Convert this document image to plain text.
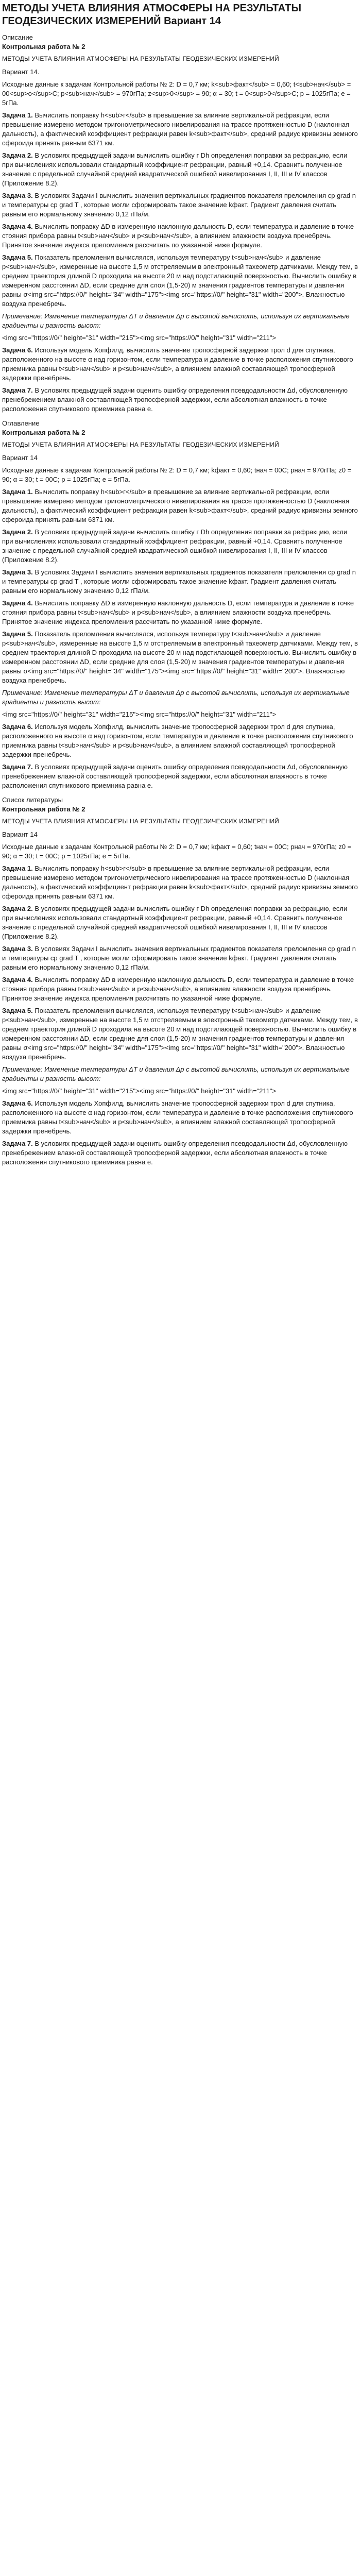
МЕТОДЫ УЧЕТА ВЛИЯНИЯ АТМОСФЕРЫ НА РЕЗУЛЬТАТЫ ГЕОДЕЗИЧЕСКИХ ИЗМЕРЕНИЙ Вариант 14

Описание

Контрольная работа № 2

МЕТОДЫ УЧЕТА ВЛИЯНИЯ АТМОСФЕРЫ НА РЕЗУЛЬТАТЫ ГЕОДЕЗИЧЕСКИХ ИЗМЕРЕНИЙ

Вариант 14.

Исходные данные к задачам Контрольной работы № 2: D = 0,7 км; k<sub>факт</sub> = 0,60; t<sub>нач</sub> = 00<sup>o</sup>С; p<sub>нач</sub> = 970гПа; z<sup>0</sup> = 90; α = 30; t = 0<sup>0</sup>С; p = 1025гПа; e = 5гПа.

Задача 1. Вычислить поправку h<sub>г</sub> в превышение за влияние вертикальной рефракции, если превышение измерено методом тригонометрического нивелирования на трассе протяженностью D (наклонная дальность), а фактический коэффициент рефракции равен k<sub>факт</sub>, средний радиус кривизны земного сфероида принять равным 6371 км.

Задача 2. В условиях предыдущей задачи вычислить ошибку г Dh определения поправки за рефракцию, если при вычислениях использовали стандартный коэффициент рефракции, равный +0,14. Сравнить полученное значение с предельной случайной средней квадратической ошибкой нивелирования I, II, III и IV классов (Приложение 8.2).

Задача 3. В условиях Задачи I вычислить значения вертикальных градиентов показателя преломления cp grad n и температуры cp grad T , которые могли сформировать такое значение kфакт. Градиент давления считать равным его нормальному значению 0,12 гПа/м.

Задача 4. Вычислить поправку ΔD в измеренную наклонную дальность D, если температура и давление в точке стояния прибора равны t<sub>нач</sub> и p<sub>нач</sub>, а влиянием влажности воздуха пренебречь. Принятое значение индекса преломления рассчитать по указанной ниже формуле.

Задача 5. Показатель преломления вычислялся, используя температуру t<sub>нач</sub> и давление p<sub>нач</sub>, измеренные на высоте 1,5 м отстреляемым в электронный тахеометр датчиками. Между тем, в среднем траектория длиной D проходила на высоте 20 м над подстилающей поверхностью. Вычислить ошибку в измеренном расстоянии ΔD, если средние для слоя (1,5-20) м значения градиентов температуры и давления равны σ<img src="https://0/" height="34" width="175"><img src="https://0/" height="31" width="200">. Влажностью воздуха пренебречь.

Примечание: Изменение температуры ΔT и давления Δp с высотой вычислить, используя их вертикальные градиенты и разность высот:

<img src="https://0/" height="31" width="215"><img src="https://0/" height="31" width="211">

Задача 6. Используя модель Хопфилд, вычислить значение тропосферной задержки трол d для спутника, расположенного на высоте α над горизонтом, если температура и давление в точке расположения спутникового приемника равны t<sub>нач</sub> и p<sub>нач</sub>, а влиянием влажной составляющей тропосферной задержки пренебречь.

Задача 7. В условиях предыдущей задачи оценить ошибку определения псевдодальности Δd, обусловленную пренебрежением влажной составляющей тропосферной задержки, если абсолютная влажность в точке расположения спутникового приемника равна e.

Оглавление

Контрольная работа № 2

МЕТОДЫ УЧЕТА ВЛИЯНИЯ АТМОСФЕРЫ НА РЕЗУЛЬТАТЫ ГЕОДЕЗИЧЕСКИХ ИЗМЕРЕНИЙ

Вариант 14

Исходные данные к задачам Контрольной работы № 2: D = 0,7 км; kфакт = 0,60; tнач = 00С; pнач = 970гПа; z0 = 90; α = 30; t = 00С; p = 1025гПа; e = 5гПа.

Задача 1. Вычислить поправку h<sub>г</sub> в превышение за влияние вертикальной рефракции, если превышение измерено методом тригонометрического нивелирования на трассе протяженностью D (наклонная дальность), а фактический коэффициент рефракции равен k<sub>факт</sub>, средний радиус кривизны земного сфероида принять равным 6371 км.

Задача 2. В условиях предыдущей задачи вычислить ошибку г Dh определения поправки за рефракцию, если при вычислениях использовали стандартный коэффициент рефракции, равный +0,14. Сравнить полученное значение с предельной случайной средней квадратической ошибкой нивелирования I, II, III и IV классов (Приложение 8.2).

Задача 3. В условиях Задачи I вычислить значения вертикальных градиентов показателя преломления cp grad n и температуры cp grad T , которые могли сформировать такое значение kфакт. Градиент давления считать равным его нормальному значению 0,12 гПа/м.

Задача 4. Вычислить поправку ΔD в измеренную наклонную дальность D, если температура и давление в точке стояния прибора равны t<sub>нач</sub> и p<sub>нач</sub>, а влиянием влажности воздуха пренебречь. Принятое значение индекса преломления рассчитать по указанной ниже формуле.

Задача 5. Показатель преломления вычислялся, используя температуру t<sub>нач</sub> и давление p<sub>нач</sub>, измеренные на высоте 1,5 м отстреляемым в электронный тахеометр датчиками. Между тем, в среднем траектория длиной D проходила на высоте 20 м над подстилающей поверхностью. Вычислить ошибку в измеренном расстоянии ΔD, если средние для слоя (1,5-20) м значения градиентов температуры и давления равны σ<img src="https://0/" height="34" width="175"><img src="https://0/" height="31" width="200">. Влажностью воздуха пренебречь.

Примечание: Изменение температуры ΔT и давления Δp с высотой вычислить, используя их вертикальные градиенты и разность высот:

<img src="https://0/" height="31" width="215"><img src="https://0/" height="31" width="211">

Задача 6. Используя модель Хопфилд, вычислить значение тропосферной задержки трол d для спутника, расположенного на высоте α над горизонтом, если температура и давление в точке расположения спутникового приемника равны t<sub>нач</sub> и p<sub>нач</sub>, а влиянием влажной составляющей тропосферной задержки пренебречь.

Задача 7. В условиях предыдущей задачи оценить ошибку определения псевдодальности Δd, обусловленную пренебрежением влажной составляющей тропосферной задержки, если абсолютная влажность в точке расположения спутникового приемника равна e.

Список литературы

Контрольная работа № 2

МЕТОДЫ УЧЕТА ВЛИЯНИЯ АТМОСФЕРЫ НА РЕЗУЛЬТАТЫ ГЕОДЕЗИЧЕСКИХ ИЗМЕРЕНИЙ

Вариант 14

Исходные данные к задачам Контрольной работы № 2: D = 0,7 км; kфакт = 0,60; tнач = 00С; pнач = 970гПа; z0 = 90; α = 30; t = 00С; p = 1025гПа; e = 5гПа.

Задача 1. Вычислить поправку h<sub>г</sub> в превышение за влияние вертикальной рефракции, если превышение измерено методом тригонометрического нивелирования на трассе протяженностью D (наклонная дальность), а фактический коэффициент рефракции равен k<sub>факт</sub>, средний радиус кривизны земного сфероида принять равным 6371 км.

Задача 2. В условиях предыдущей задачи вычислить ошибку г Dh определения поправки за рефракцию, если при вычислениях использовали стандартный коэффициент рефракции, равный +0,14. Сравнить полученное значение с предельной случайной средней квадратической ошибкой нивелирования I, II, III и IV классов (Приложение 8.2).

Задача 3. В условиях Задачи I вычислить значения вертикальных градиентов показателя преломления cp grad n и температуры cp grad T , которые могли сформировать такое значение kфакт. Градиент давления считать равным его нормальному значению 0,12 гПа/м.

Задача 4. Вычислить поправку ΔD в измеренную наклонную дальность D, если температура и давление в точке стояния прибора равны t<sub>нач</sub> и p<sub>нач</sub>, а влиянием влажности воздуха пренебречь. Принятое значение индекса преломления рассчитать по указанной ниже формуле.

Задача 5. Показатель преломления вычислялся, используя температуру t<sub>нач</sub> и давление p<sub>нач</sub>, измеренные на высоте 1,5 м отстреляемым в электронный тахеометр датчиками. Между тем, в среднем траектория длиной D проходила на высоте 20 м над подстилающей поверхностью. Вычислить ошибку в измеренном расстоянии ΔD, если средние для слоя (1,5-20) м значения градиентов температуры и давления равны σ<img src="https://0/" height="34" width="175"><img src="https://0/" height="31" width="200">. Влажностью воздуха пренебречь.

Примечание: Изменение температуры ΔT и давления Δp с высотой вычислить, используя их вертикальные градиенты и разность высот:

<img src="https://0/" height="31" width="215"><img src="https://0/" height="31" width="211">

Задача 6. Используя модель Хопфилд, вычислить значение тропосферной задержки трол d для спутника, расположенного на высоте α над горизонтом, если температура и давление в точке расположения спутникового приемника равны t<sub>нач</sub> и p<sub>нач</sub>, а влиянием влажной составляющей тропосферной задержки пренебречь.

Задача 7. В условиях предыдущей задачи оценить ошибку определения псевдодальности Δd, обусловленную пренебрежением влажной составляющей тропосферной задержки, если абсолютная влажность в точке расположения спутникового приемника равна e.
